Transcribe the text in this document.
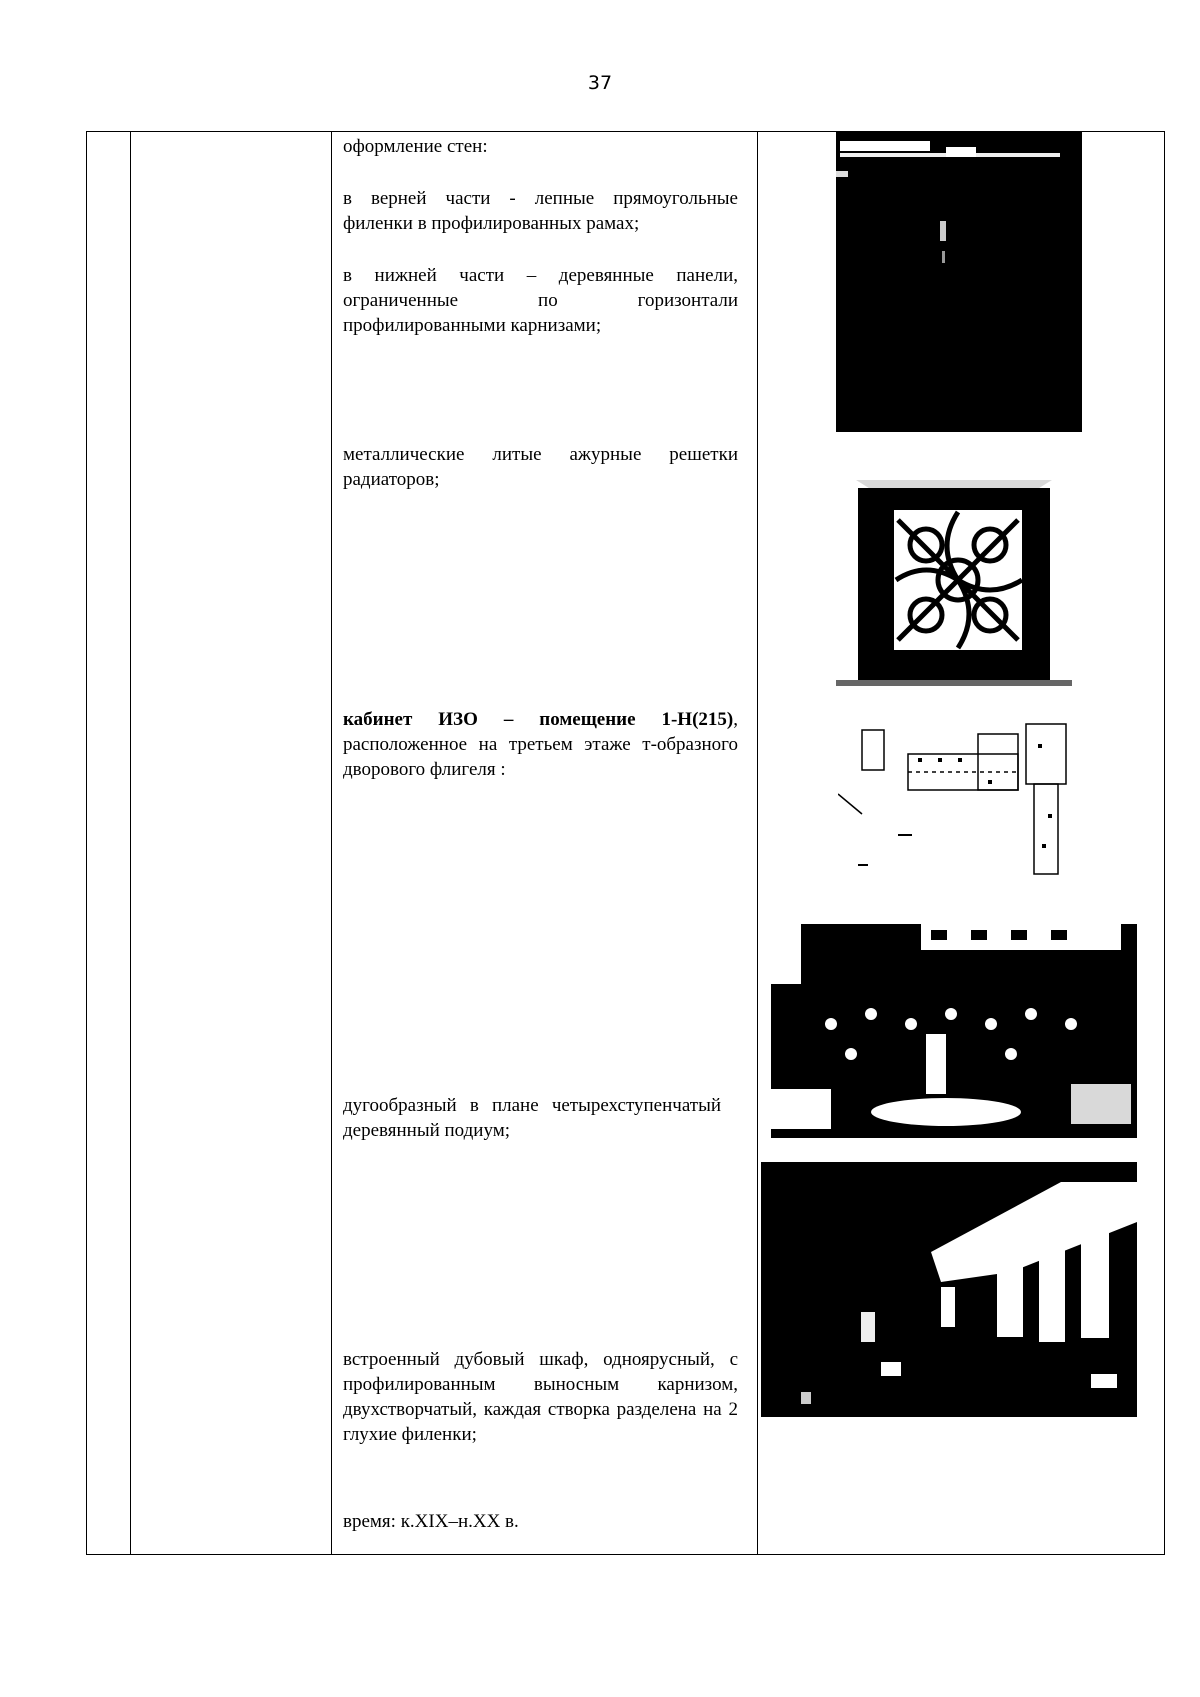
37
оформление стен:
в верней части - лепные прямоугольные филенки в профилированных рамах;
в нижней части – деревянные панели, ограниченные по горизонтали профилированными карнизами;
металлические литые ажурные решетки радиаторов;
кабинет ИЗО – помещение 1-Н(215), расположенное на третьем этаже т-образного дворового флигеля :
дугообразный в плане четырехступенчатый деревянный подиум;
встроенный дубовый шкаф, одноярусный, с профилированным выносным карнизом, двухстворчатый, каждая створка разделена на 2 глухие филенки;
время: к.XIX–н.XX в.
